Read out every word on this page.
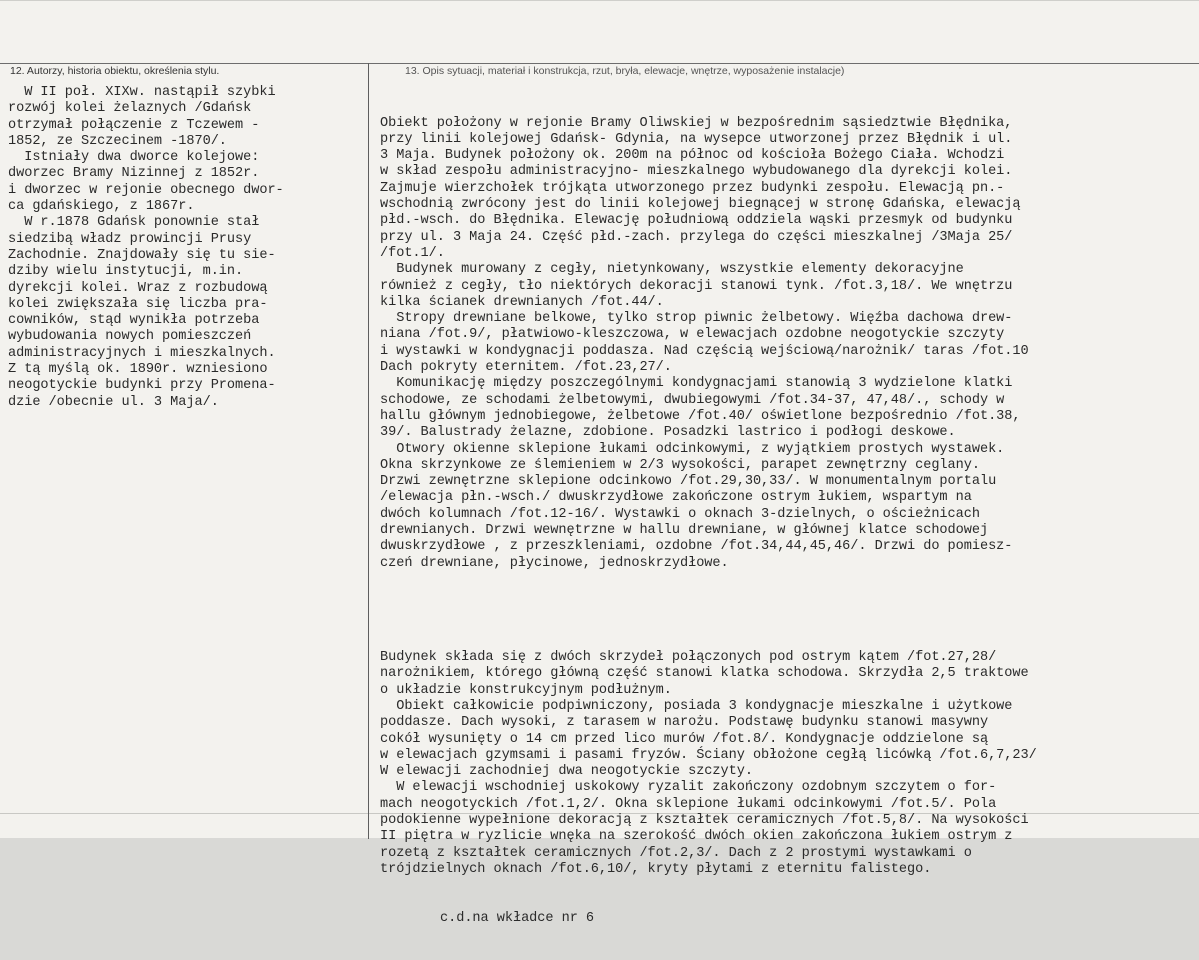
12. Autorzy, historia obiektu, określenia stylu.	13. Opis sytuacji, materiał i konstrukcja, rzut, bryła, elewacje, wnętrze, wyposażenie instalacje)
W II poł. XIXw. nastąpił szybki
rozwój kolei żelaznych /Gdańsk
otrzymał połączenie z Tczewem -
1852, ze Szczecinem -1870/.
Istniały dwa dworce kolejowe:
dworzec Bramy Nizinnej z 1852r.
i dworzec w rejonie obecnego dwor-
ca gdańskiego, z 1867r.
W r.1878 Gdańsk ponownie stał
siedzibą władz prowincji Prusy
Zachodnie. Znajdowały się tu sie-
dziby wielu instytucji, m.in.
dyrekcji kolei. Wraz z rozbudową
kolei zwiększała się liczba pra-
cowników, stąd wynikła potrzeba
wybudowania nowych pomieszczeń
administracyjnych i mieszkalnych.
Z tą myślą ok. 1890r. wzniesiono
neogotyckie budynki przy Promena-
dzie /obecnie ul. 3 Maja/.

Obiekt położony w rejonie Bramy Oliwskiej w bezpośrednim sąsiedztwie Błędnika,
przy linii kolejowej Gdańsk- Gdynia, na wysepce utworzonej przez Błędnik i ul.
3 Maja. Budynek położony ok. 200m na północ od kościoła Bożego Ciała. Wchodzi
w skład zespołu administracyjno- mieszkalnego wybudowanego dla dyrekcji kolei.
Zajmuje wierzchołek trójkąta utworzonego przez budynki zespołu. Elewacją pn.-
wschodnią zwrócony jest do linii kolejowej biegnącej w stronę Gdańska, elewacją
płd.-wsch. do Błędnika. Elewację południową oddziela wąski przesmyk od budynku
przy ul. 3 Maja 24. Część płd.-zach. przylega do części mieszkalnej /3Maja 25/
/fot.1/.
Budynek murowany z cegły, nietynkowany, wszystkie elementy dekoracyjne
również z cegły, tło niektórych dekoracji stanowi tynk. /fot.3,18/. We wnętrzu
kilka ścianek drewnianych /fot.44/.
Stropy drewniane belkowe, tylko strop piwnic żelbetowy. Więźba dachowa drew-
niana /fot.9/, płatwiowo-kleszczowa, w elewacjach ozdobne neogotyckie szczyty
i wystawki w kondygnacji poddasza. Nad częścią wejściową/narożnik/ taras /fot.10
Dach pokryty eternitem. /fot.23,27/.
Komunikację między poszczególnymi kondygnacjami stanowią 3 wydzielone klatki
schodowe, ze schodami żelbetowymi, dwubiegowymi /fot.34-37, 47,48/., schody w
hallu głównym jednobiegowe, żelbetowe /fot.40/ oświetlone bezpośrednio /fot.38,
39/. Balustrady żelazne, zdobione. Posadzki lastrico i podłogi deskowe.
Otwory okienne sklepione łukami odcinkowymi, z wyjątkiem prostych wystawek.
Okna skrzynkowe ze ślemieniem w 2/3 wysokości, parapet zewnętrzny ceglany.
Drzwi zewnętrzne sklepione odcinkowo /fot.29,30,33/. W monumentalnym portalu
/elewacja płn.-wsch./ dwuskrzydłowe zakończone ostrym łukiem, wspartym na
dwóch kolumnach /fot.12-16/. Wystawki o oknach 3-dzielnych, o ościeżnicach
drewnianych. Drzwi wewnętrzne w hallu drewniane, w głównej klatce schodowej
dwuskrzydłowe , z przeszkleniami, ozdobne /fot.34,44,45,46/. Drzwi do pomiesz-
czeń drewniane, płycinowe, jednoskrzydłowe.

Budynek składa się z dwóch skrzydeł połączonych pod ostrym kątem /fot.27,28/
narożnikiem, którego główną część stanowi klatka schodowa. Skrzydła 2,5 traktowe
o układzie konstrukcyjnym podłużnym.
Obiekt całkowicie podpiwniczony, posiada 3 kondygnacje mieszkalne i użytkowe
poddasze. Dach wysoki, z tarasem w narożu. Podstawę budynku stanowi masywny
cokół wysunięty o 14 cm przed lico murów /fot.8/. Kondygnacje oddzielone są
w elewacjach gzymsami i pasami fryzów. Ściany obłożone cegłą licówką /fot.6,7,23/
W elewacji zachodniej dwa neogotyckie szczyty.
W elewacji wschodniej uskokowy ryzalit zakończony ozdobnym szczytem o for-
mach neogotyckich /fot.1,2/. Okna sklepione łukami odcinkowymi /fot.5/. Pola
podokienne wypełnione dekoracją z kształtek ceramicznych /fot.5,8/. Na wysokości
II piętra w ryzlicie wnęka na szerokość dwóch okien zakończona łukiem ostrym z
rozetą z kształtek ceramicznych /fot.2,3/. Dach z 2 prostymi wystawkami o
trójdzielnych oknach /fot.6,10/, kryty płytami z eternitu falistego.

c.d.na wkładce nr 6
